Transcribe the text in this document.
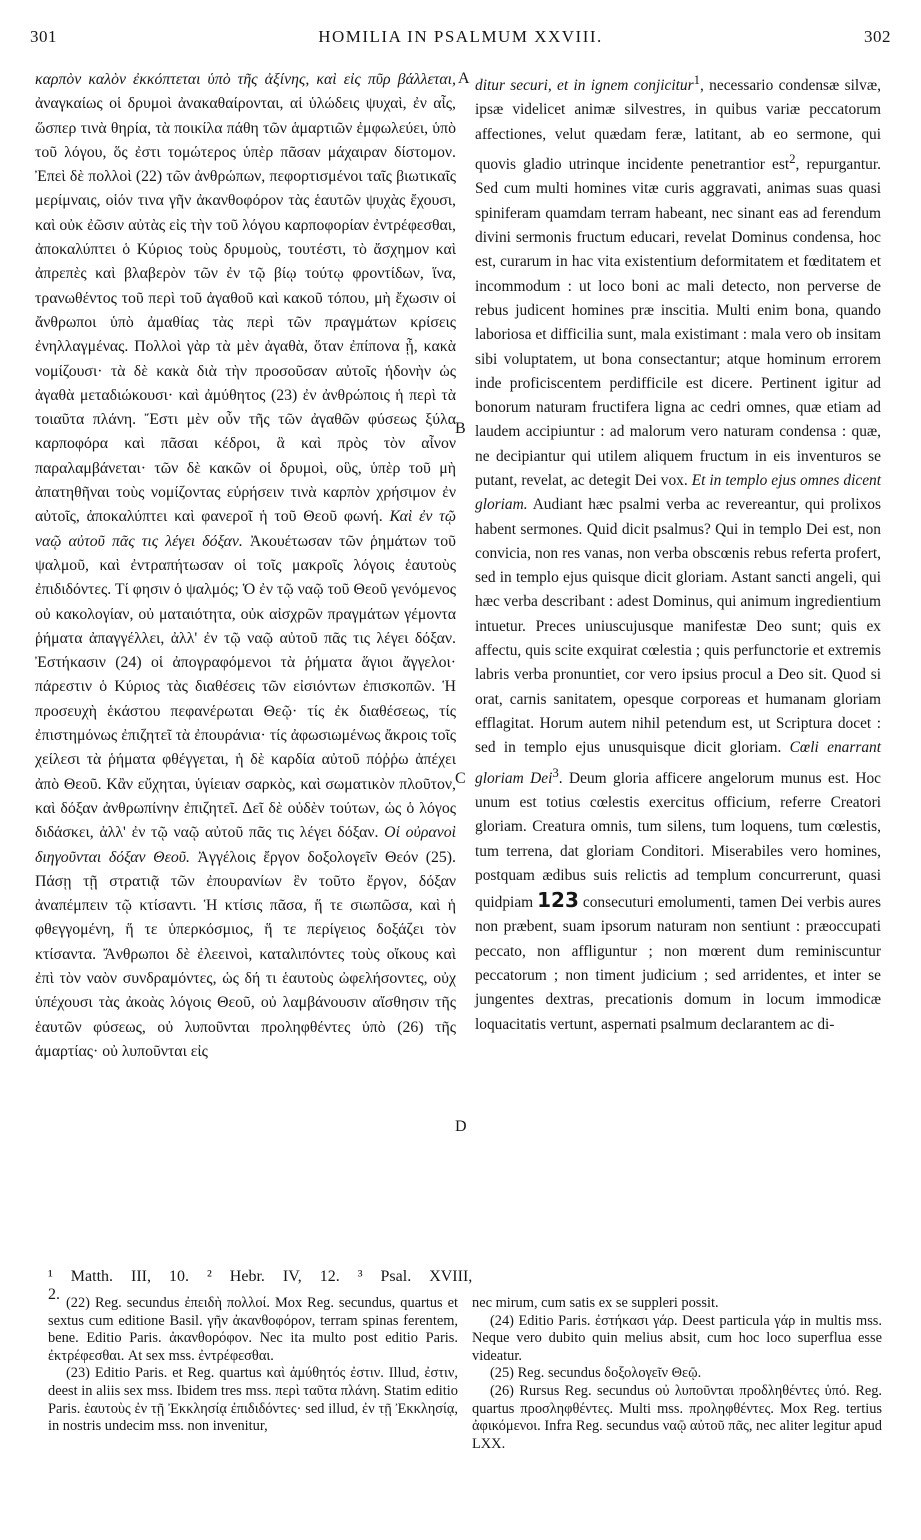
301	HOMILIA IN PSALMUM XXVIII.	302

καρπὸν καλὸν ἐκκόπτεται ὑπὸ τῆς ἀξίνης, καὶ εἰς πῦρ βάλλεται, ἀναγκαίως οἱ δρυμοὶ ἀνακαθαίρονται, αἱ ὑλώδεις ψυχαὶ, ἐν αἷς, ὥσπερ τινὰ θηρία, τὰ ποικίλα πάθη τῶν ἁμαρτιῶν ἐμφωλεύει, ὑπὸ τοῦ λόγου, ὅς ἐστι τομώτερος ὑπὲρ πᾶσαν μάχαιραν δίστομον. Ἐπεὶ δὲ πολλοὶ (22) τῶν ἀνθρώπων, πεφορτισμένοι ταῖς βιωτικαῖς μερίμναις, οἱόν τινα γῆν ἀκανθοφόρον τὰς ἑαυτῶν ψυχὰς ἔχουσι, καὶ οὐκ ἐῶσιν αὐτὰς εἰς τὴν τοῦ λόγου καρποφορίαν ἐντρέφεσθαι, ἀποκαλύπτει ὁ Κύριος τοὺς δρυμοὺς, τουτέστι, τὸ ἄσχημον καὶ ἀπρεπὲς καὶ βλαβερὸν τῶν ἐν τῷ βίῳ τούτῳ φροντίδων, ἵνα, τρανωθέντος τοῦ περὶ τοῦ ἀγαθοῦ καὶ κακοῦ τόπου, μὴ ἔχωσιν οἱ ἄνθρωποι ὑπὸ ἀμαθίας τὰς περὶ τῶν πραγμάτων κρίσεις ἐνηλλαγμένας. Πολλοὶ γὰρ τὰ μὲν ἀγαθὰ, ὅταν ἐπίπονα ᾖ, κακὰ νομίζουσι· τὰ δὲ κακὰ διὰ τὴν προσοῦσαν αὐτοῖς ἡδονὴν ὡς ἀγαθὰ μεταδιώκουσι· καὶ ἀμύθητος (23) ἐν ἀνθρώποις ἡ περὶ τὰ τοιαῦτα πλάνη. Ἔστι μὲν οὖν τῆς τῶν ἀγαθῶν φύσεως ξύλα καρποφόρα καὶ πᾶσαι κέδροι, ἃ καὶ πρὸς τὸν αἶνον παραλαμβάνεται· τῶν δὲ κακῶν οἱ δρυμοὶ, οὓς, ὑπὲρ τοῦ μὴ ἀπατηθῆναι τοὺς νομίζοντας εὑρήσειν τινὰ καρπὸν χρήσιμον ἐν αὐτοῖς, ἀποκαλύπτει καὶ φανεροῖ ἡ τοῦ Θεοῦ φωνή. Καὶ ἐν τῷ ναῷ αὐτοῦ πᾶς τις λέγει δόξαν. Ἀκουέτωσαν τῶν ῥημάτων τοῦ ψαλμοῦ, καὶ ἐντραπήτωσαν οἱ τοῖς μακροῖς λόγοις ἑαυτοὺς ἐπιδιδόντες. Τί φησιν ὁ ψαλμός; Ὁ ἐν τῷ ναῷ τοῦ Θεοῦ γενόμενος οὐ κακολογίαν, οὐ ματαιότητα, οὐκ αἰσχρῶν πραγμάτων γέμοντα ῥήματα ἀπαγγέλλει, ἀλλ' ἐν τῷ ναῷ αὐτοῦ πᾶς τις λέγει δόξαν. Ἐστήκασιν (24) οἱ ἀπογραφόμενοι τὰ ῥήματα ἅγιοι ἄγγελοι· πάρεστιν ὁ Κύριος τὰς διαθέσεις τῶν εἰσιόντων ἐπισκοπῶν. Ἡ προσευχὴ ἑκάστου πεφανέρωται Θεῷ· τίς ἐκ διαθέσεως, τίς ἐπιστημόνως ἐπιζητεῖ τὰ ἐπουράνια· τίς ἀφωσιωμένως ἄκροις τοῖς χείλεσι τὰ ῥήματα φθέγγεται, ἡ δὲ καρδία αὐτοῦ πόῤῥω ἀπέχει ἀπὸ Θεοῦ. Κἂν εὔχηται, ὑγίειαν σαρκὸς, καὶ σωματικὸν πλοῦτον, καὶ δόξαν ἀνθρωπίνην ἐπιζητεῖ. Δεῖ δὲ οὐδὲν τούτων, ὡς ὁ λόγος διδάσκει, ἀλλ' ἐν τῷ ναῷ αὐτοῦ πᾶς τις λέγει δόξαν. Οἱ οὐρανοὶ διηγοῦνται δόξαν Θεοῦ. Ἀγγέλοις ἔργον δοξολογεῖν Θεόν (25). Πάσῃ τῇ στρατιᾷ τῶν ἐπουρανίων ἓν τοῦτο ἔργον, δόξαν ἀναπέμπειν τῷ κτίσαντι. Ἡ κτίσις πᾶσα, ἥ τε σιωπῶσα, καὶ ἡ φθεγγομένη, ἥ τε ὑπερκόσμιος, ἥ τε περίγειος δοξάζει τὸν κτίσαντα. Ἄνθρωποι δὲ ἐλεεινοὶ, καταλιπόντες τοὺς οἴκους καὶ ἐπὶ τὸν ναὸν συνδραμόντες, ὡς δή τι ἑαυτοὺς ὠφελήσοντες, οὐχ ὑπέχουσι τὰς ἀκοὰς λόγοις Θεοῦ, οὐ λαμβάνουσιν αἴσθησιν τῆς ἑαυτῶν φύσεως, οὐ λυποῦνται προληφθέντες ὑπὸ (26) τῆς ἁμαρτίας· οὐ λυποῦνται εἰς

A
B
C
D

ditur securi, et in ignem conjicitur$^1$, necessario condensæ silvæ, ipsæ videlicet animæ silvestres, in quibus variæ peccatorum affectiones, velut quædam feræ, latitant, ab eo sermone, qui quovis gladio utrinque incidente penetrantior est$^2$, repurgantur. Sed cum multi homines vitæ curis aggravati, animas suas quasi spiniferam quamdam terram habeant, nec sinant eas ad ferendum divini sermonis fructum educari, revelat Dominus condensa, hoc est, curarum in hac vita existentium deformitatem et fœditatem et incommodum : ut loco boni ac mali detecto, non perverse de rebus judicent homines præ inscitia. Multi enim bona, quando laboriosa et difficilia sunt, mala existimant : mala vero ob insitam sibi voluptatem, ut bona consectantur; atque hominum errorem inde proficiscentem perdifficile est dicere. Pertinent igitur ad bonorum naturam fructifera ligna ac cedri omnes, quæ etiam ad laudem accipiuntur : ad malorum vero naturam condensa : quæ, ne decipiantur qui utilem aliquem fructum in eis inventuros se putant, revelat, ac detegit Dei vox. Et in templo ejus omnes dicent gloriam. Audiant hæc psalmi verba ac revereantur, qui prolixos habent sermones. Quid dicit psalmus? Qui in templo Dei est, non convicia, non res vanas, non verba obscœnis rebus referta profert, sed in templo ejus quisque dicit gloriam. Astant sancti angeli, qui hæc verba describant : adest Dominus, qui animum ingredientium intuetur. Preces uniuscujusque manifestæ Deo sunt; quis ex affectu, quis scite exquirat cœlestia ; quis perfunctorie et extremis labris verba pronuntiet, cor vero ipsius procul a Deo sit. Quod si orat, carnis sanitatem, opesque corporeas et humanam gloriam efflagitat. Horum autem nihil petendum est, ut Scriptura docet : sed in templo ejus unusquisque dicit gloriam. Cœli enarrant gloriam Dei$^3$. Deum gloria afficere angelorum munus est. Hoc unum est totius cœlestis exercitus officium, referre Creatori gloriam. Creatura omnis, tum silens, tum loquens, tum cœlestis, tum terrena, dat gloriam Conditori. Miserabiles vero homines, postquam ædibus suis relictis ad templum concurrerunt, quasi quidpiam 123 consecuturi emolumenti, tamen Dei verbis aures non præbent, suam ipsorum naturam non sentiunt : præoccupati peccato, non affliguntur ; non mœrent dum reminiscuntur peccatorum ; non timent judicium ; sed arridentes, et inter se jungentes dextras, precationis domum in locum immodicæ loquacitatis vertunt, aspernati psalmum declarantem ac di-

¹ Matth. III, 10. ² Hebr. IV, 12. ³ Psal. XVIII, 2. (22) Reg. secundus ἐπειδὴ πολλοί. Mox Reg. secundus, quartus et sextus cum editione Basil. γῆν ἀκανθοφόρον, terram spinas ferentem, bene. Editio Paris. ἀκανθορόφον. Nec ita multo post editio Paris. ἐκτρέφεσθαι. At sex mss. ἐντρέφεσθαι.

(23) Editio Paris. et Reg. quartus καὶ ἀμύθητός ἐστιν. Illud, ἐστιν, deest in aliis sex mss. Ibidem tres mss. περὶ ταῦτα πλάνη. Statim editio Paris. ἑαυτοὺς ἐν τῇ Ἐκκλησίᾳ ἐπιδιδόντες· sed illud, ἐν τῇ Ἐκκλησίᾳ, in nostris undecim mss. non invenitur,

nec mirum, cum satis ex se suppleri possit.

(24) Editio Paris. ἐστήκασι γάρ. Deest particula γάρ in multis mss. Neque vero dubito quin melius absit, cum hoc loco superflua esse videatur.

(25) Reg. secundus δοξολογεῖν Θεῷ.

(26) Rursus Reg. secundus οὐ λυποῦνται προδληθέντες ὑπό. Reg. quartus προσληφθέντες. Multi mss. προληφθέντες. Mox Reg. tertius ἀφικόμενοι. Infra Reg. secundus ναῷ αὐτοῦ πᾶς, nec aliter legitur apud LXX.
